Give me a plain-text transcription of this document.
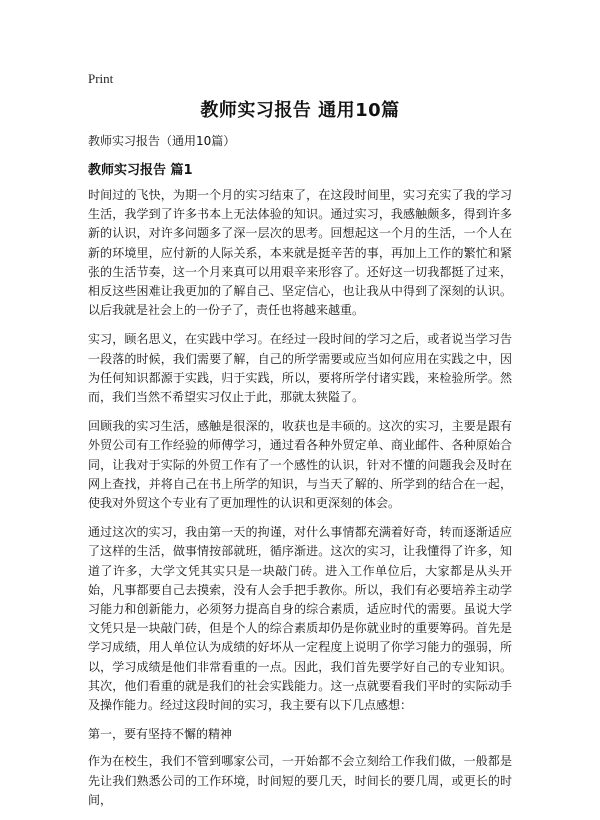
Print
教师实习报告 通用10篇
教师实习报告（通用10篇）
教师实习报告 篇1

时间过的飞快，为期一个月的实习结束了，在这段时间里，实习充实了我的学习生活，我学到了许多书本上无法体验的知识。通过实习，我感触颇多，得到许多新的认识，对许多问题多了深一层次的思考。回想起这一个月的生活，一个人在新的环境里，应付新的人际关系，本来就是挺辛苦的事，再加上工作的繁忙和紧张的生活节奏，这一个月来真可以用艰辛来形容了。还好这一切我都挺了过来，相反这些困难让我更加的了解自己、坚定信心，也让我从中得到了深刻的认识。以后我就是社会上的一份子了，责任也将越来越重。

实习，顾名思义，在实践中学习。在经过一段时间的学习之后，或者说当学习告一段落的时候，我们需要了解，自己的所学需要或应当如何应用在实践之中，因为任何知识都源于实践，归于实践，所以，要将所学付诸实践，来检验所学。然而，我们当然不希望实习仅止于此，那就太狭隘了。

回顾我的实习生活，感触是很深的，收获也是丰硕的。这次的实习，主要是跟有外贸公司有工作经验的师傅学习，通过看各种外贸定单、商业邮件、各种原始合同，让我对于实际的外贸工作有了一个感性的认识，针对不懂的问题我会及时在网上查找，并将自己在书上所学的知识，与当天了解的、所学到的结合在一起，使我对外贸这个专业有了更加理性的认识和更深刻的体会。

通过这次的实习，我由第一天的拘谨，对什么事情都充满着好奇，转而逐渐适应了这样的生活，做事情按部就班，循序渐进。这次的实习，让我懂得了许多，知道了许多，大学文凭其实只是一块敲门砖。进入工作单位后，大家都是从头开始，凡事都要自己去摸索，没有人会手把手教你。所以，我们有必要培养主动学习能力和创新能力，必须努力提高自身的综合素质，适应时代的需要。虽说大学文凭只是一块敲门砖，但是个人的综合素质却仍是你就业时的重要筹码。首先是学习成绩，用人单位认为成绩的好坏从一定程度上说明了你学习能力的强弱，所以，学习成绩是他们非常看重的一点。因此，我们首先要学好自己的专业知识。其次，他们看重的就是我们的社会实践能力。这一点就要看我们平时的实际动手及操作能力。经过这段时间的实习，我主要有以下几点感想：

第一，要有坚持不懈的精神

作为在校生，我们不管到哪家公司，一开始都不会立刻给工作我们做，一般都是先让我们熟悉公司的工作环境，时间短的要几天，时间长的要几周，或更长的时间，
